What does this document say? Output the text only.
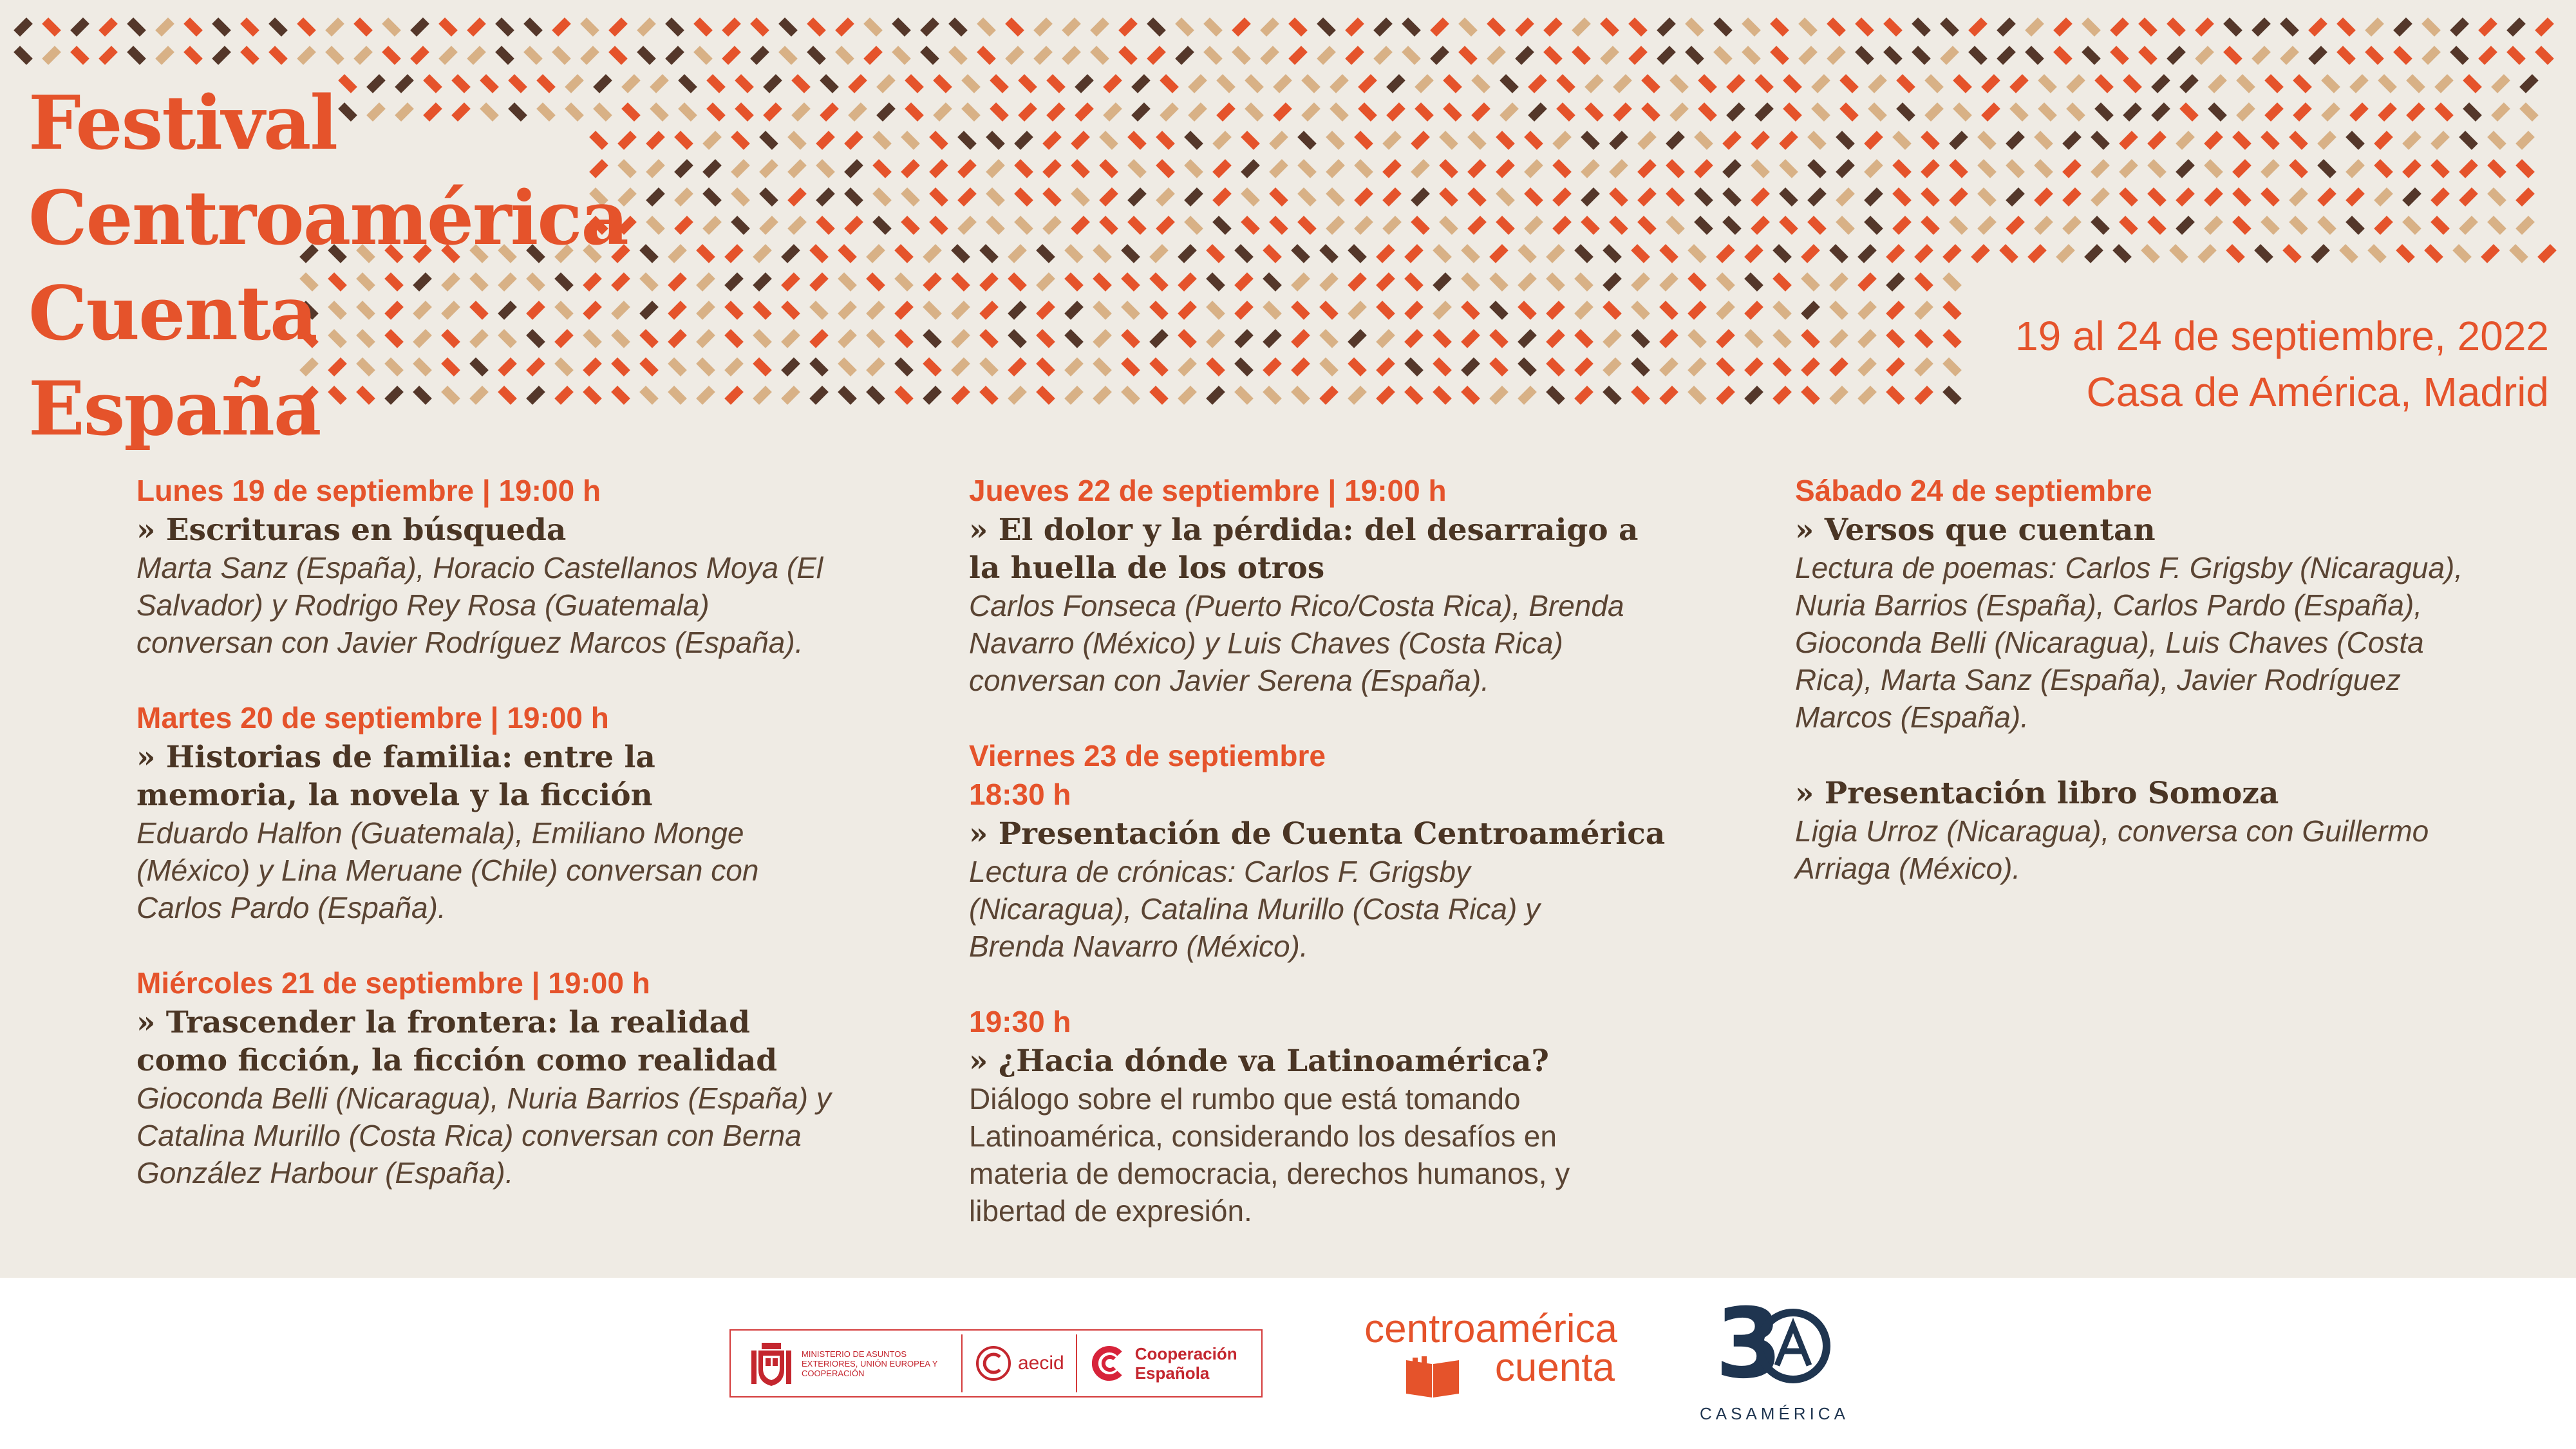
Festival
Centroamérica
Cuenta
España
19 al 24 de septiembre, 2022
Casa de América, Madrid
Lunes 19 de septiembre | 19:00 h
» Escrituras en búsqueda
Marta Sanz (España), Horacio Castellanos Moya (El Salvador) y Rodrigo Rey Rosa (Guatemala) conversan con Javier Rodríguez Marcos (España).
Martes 20 de septiembre | 19:00 h
» Historias de familia: entre la memoria, la novela y la ficción
Eduardo Halfon (Guatemala), Emiliano Monge (México) y Lina Meruane (Chile) conversan con Carlos Pardo (España).
Miércoles 21 de septiembre | 19:00 h
» Trascender la frontera: la realidad como ficción, la ficción como realidad
Gioconda Belli (Nicaragua), Nuria Barrios (España) y Catalina Murillo (Costa Rica) conversan con Berna González Harbour (España).
Jueves 22 de septiembre | 19:00 h
» El dolor y la pérdida: del desarraigo a la huella de los otros
Carlos Fonseca (Puerto Rico/Costa Rica), Brenda Navarro (México) y Luis Chaves (Costa Rica) conversan con Javier Serena (España).
Viernes 23 de septiembre
18:30 h
» Presentación de Cuenta Centroamérica
Lectura de crónicas: Carlos F. Grigsby (Nicaragua), Catalina Murillo (Costa Rica) y Brenda Navarro (México).
19:30 h
» ¿Hacia dónde va Latinoamérica?
Diálogo sobre el rumbo que está tomando Latinoamérica, considerando los desafíos en materia de democracia, derechos humanos, y libertad de expresión.
Sábado 24 de septiembre
» Versos que cuentan
Lectura de poemas: Carlos F. Grigsby (Nicaragua), Nuria Barrios (España), Carlos Pardo (España), Gioconda Belli (Nicaragua), Luis Chaves (Costa Rica), Marta Sanz (España), Javier Rodríguez Marcos (España).
» Presentación libro Somoza
Ligia Urroz (Nicaragua), conversa con Guillermo Arriaga (México).
MINISTERIO DE ASUNTOS EXTERIORES, UNIÓN EUROPEA Y COOPERACIÓN	aecid	Cooperación
Española
centroamérica
cuenta 3
CASAMÉRICA
